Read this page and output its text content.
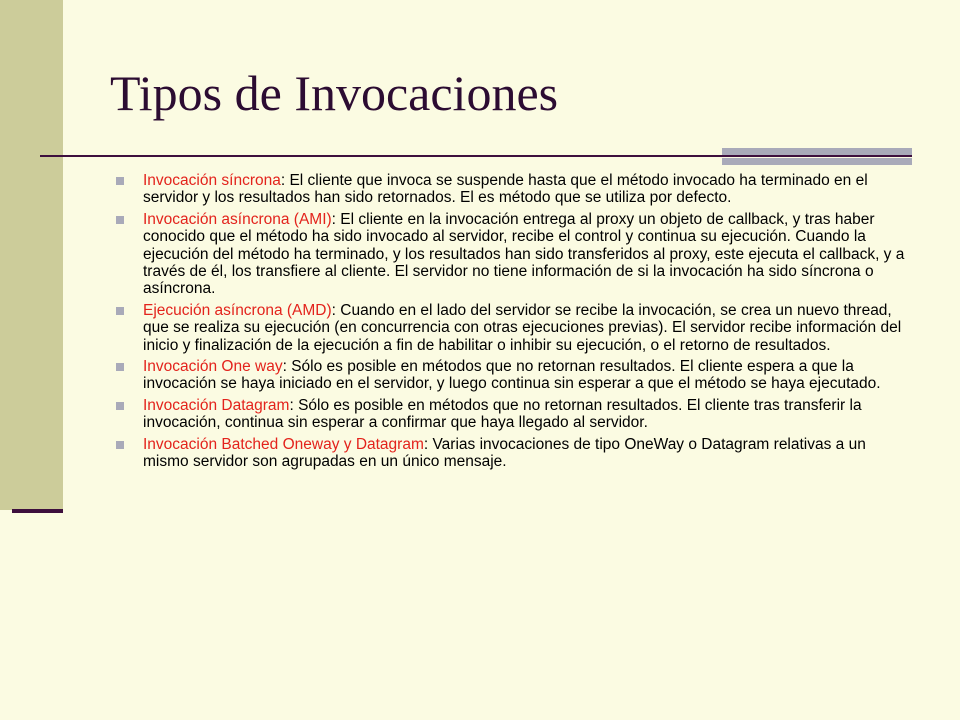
Tipos de Invocaciones
Invocación síncrona: El cliente que invoca se suspende hasta que el método invocado ha terminado en el servidor y los resultados han sido retornados. El es método que se utiliza por defecto.
Invocación asíncrona (AMI): El cliente en la invocación entrega al proxy un objeto de callback, y tras haber conocido que el método ha sido invocado al servidor, recibe el control y continua su ejecución. Cuando la ejecución del método ha terminado, y los resultados han sido transferidos al proxy, este ejecuta el callback, y a través de él, los transfiere al cliente. El servidor no tiene información de si la invocación ha sido síncrona o asíncrona.
Ejecución asíncrona (AMD): Cuando en el lado del servidor se recibe la invocación, se crea un nuevo thread, que se realiza su ejecución (en concurrencia con otras ejecuciones previas). El servidor recibe información del inicio y finalización de la ejecución a fin de habilitar o inhibir su ejecución, o el retorno de resultados.
Invocación One way: Sólo es posible en métodos que no retornan resultados. El cliente espera a que la invocación se haya iniciado en el servidor, y luego continua sin esperar a que el método se haya ejecutado.
Invocación Datagram: Sólo es posible en métodos que no retornan resultados. El cliente tras transferir la invocación, continua sin esperar a confirmar que haya llegado al servidor.
Invocación Batched Oneway y Datagram: Varias invocaciones de tipo OneWay o Datagram relativas a un mismo servidor son agrupadas en un único mensaje.
